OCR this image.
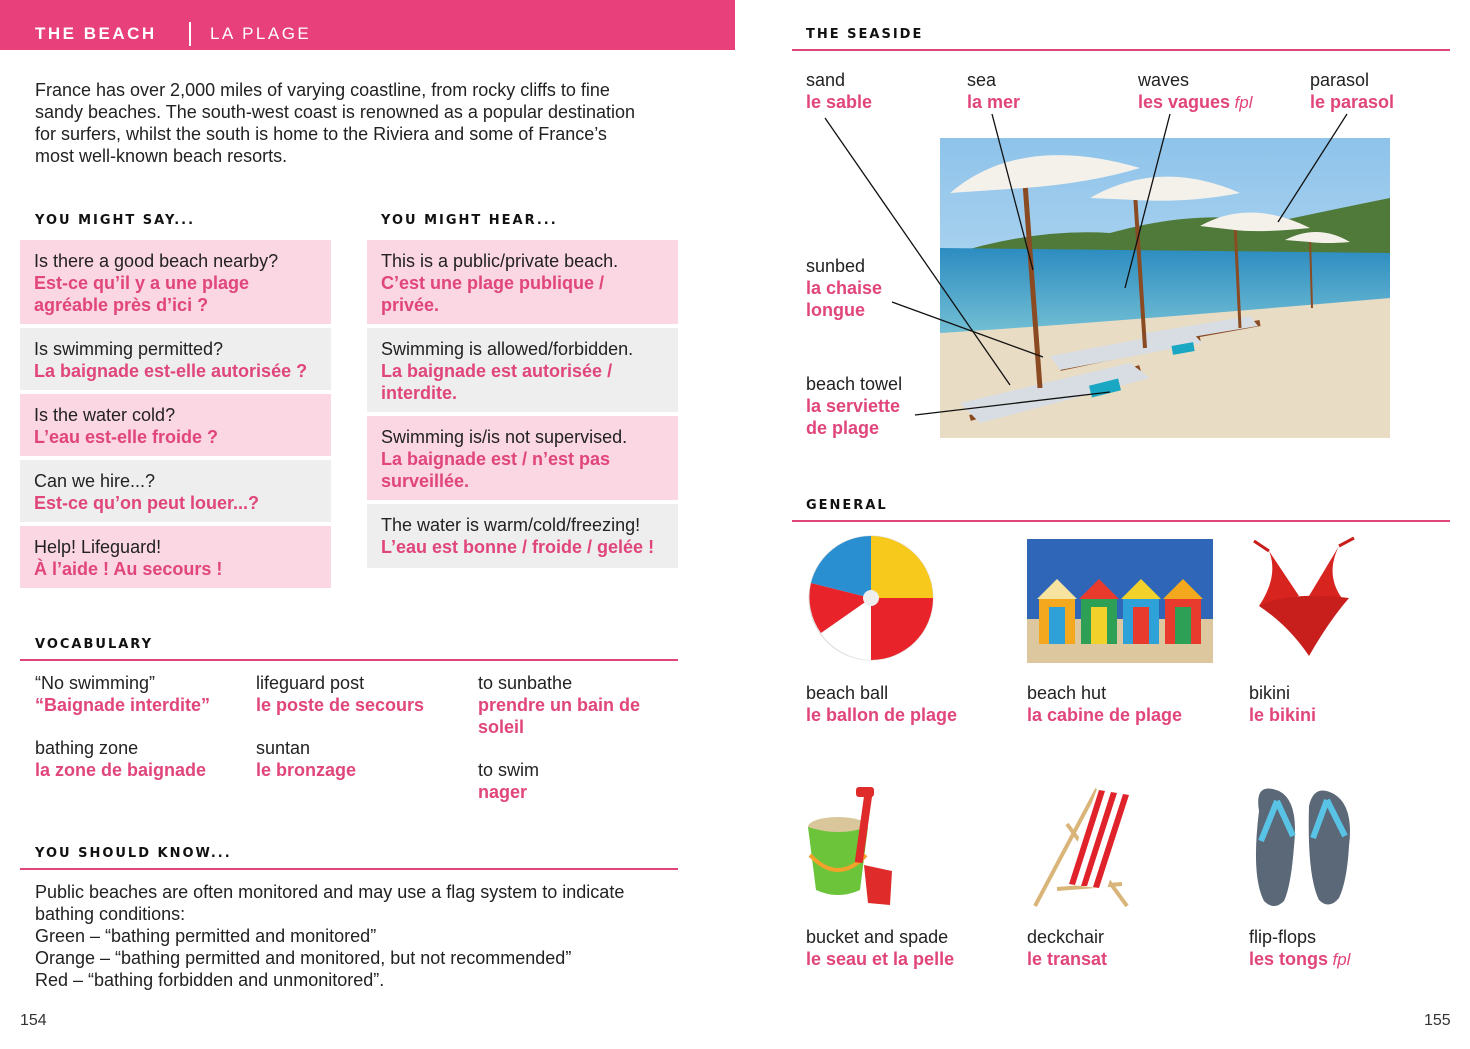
THE BEACH	LA PLAGE
France has over 2,000 miles of varying coastline, from rocky cliffs to fine
sandy beaches. The south-west coast is renowned as a popular destination
for surfers, whilst the south is home to the Riviera and some of France’s
most well-known beach resorts.
YOU MIGHT SAY...
Is there a good beach nearby?
Est-ce qu’il y a une plage
agréable près d’ici ?
Is swimming permitted?
La baignade est-elle autorisée ?
Is the water cold?
L’eau est-elle froide ?
Can we hire...?
Est-ce qu’on peut louer...?
Help! Lifeguard!
À l’aide ! Au secours !
YOU MIGHT HEAR...
This is a public/private beach.
C’est une plage publique /
privée.
Swimming is allowed/forbidden.
La baignade est autorisée /
interdite.
Swimming is/is not supervised.
La baignade est / n’est pas
surveillée.
The water is warm/cold/freezing!
L’eau est bonne / froide / gelée !
VOCABULARY
“No swimming”
“Baignade interdite”
bathing zone
la zone de baignade
lifeguard post
le poste de secours
suntan
le bronzage
to sunbathe
prendre un bain de
soleil
to swim
nager
YOU SHOULD KNOW...
Public beaches are often monitored and may use a flag system to indicate
bathing conditions:
Green – “bathing permitted and monitored”
Orange – “bathing permitted and monitored, but not recommended”
Red – “bathing forbidden and unmonitored”.
154
THE SEASIDE
sand
le sable
sea
la mer
waves
les vagues fpl
parasol
le parasol
sunbed
la chaise
longue
beach towel
la serviette
de plage
GENERAL
beach ball
le ballon de plage
beach hut
la cabine de plage
bikini
le bikini
bucket and spade
le seau et la pelle
deckchair
le transat
flip-flops
les tongs fpl
155
